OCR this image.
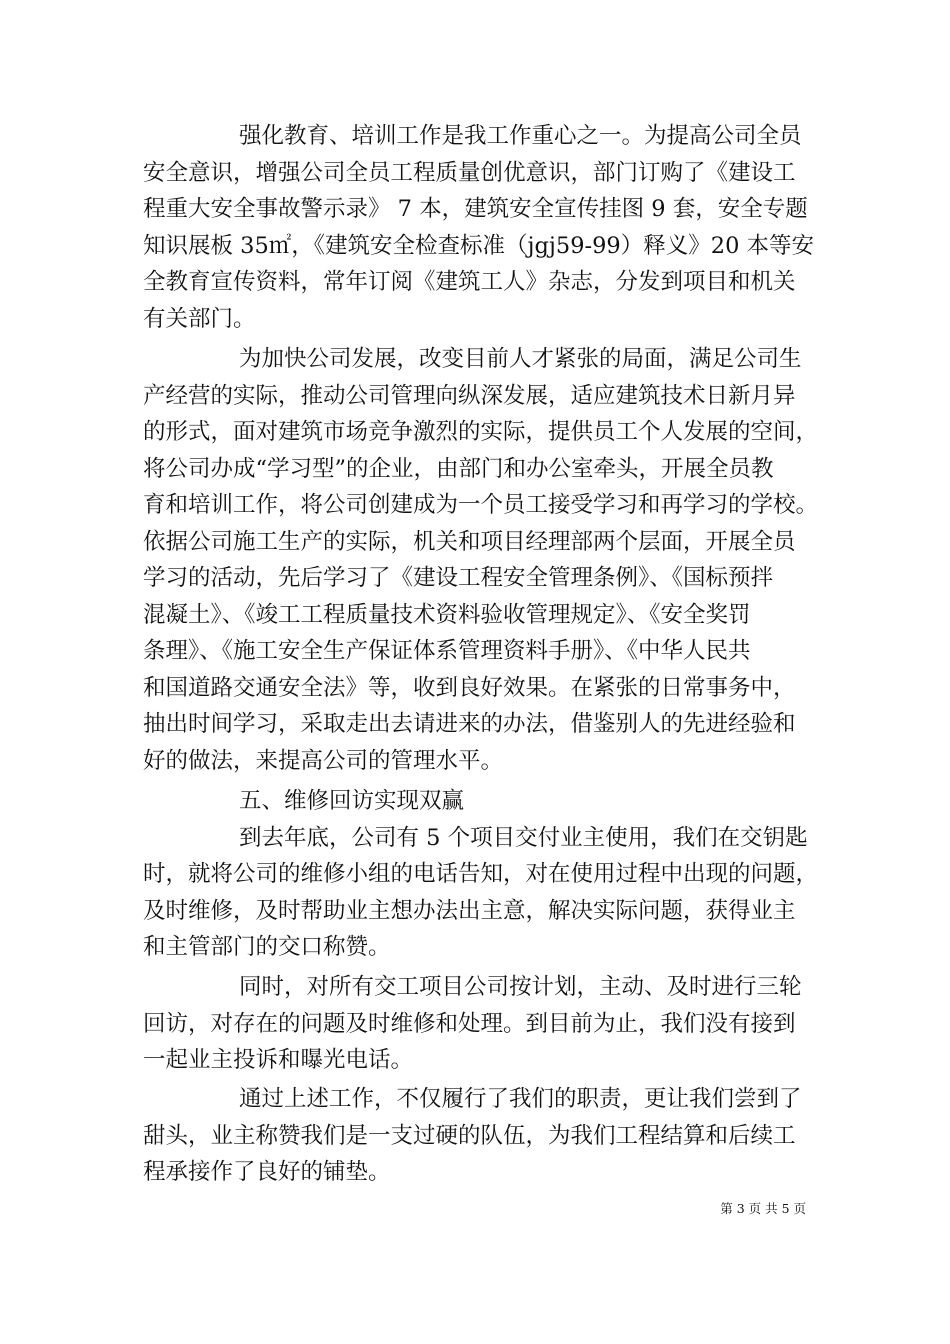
强化教育、培训工作是我工作重心之一。为提高公司全员
安全意识，增强公司全员工程质量创优意识，部门订购了《建设工
程重大安全事故警示录》 7 本，建筑安全宣传挂图 9 套，安全专题
知识展板 35㎡，《建筑安全检查标准（jgj59-99）释义》20 本等安
全教育宣传资料，常年订阅《建筑工人》杂志，分发到项目和机关
有关部门。
为加快公司发展，改变目前人才紧张的局面，满足公司生
产经营的实际，推动公司管理向纵深发展，适应建筑技术日新月异
的形式，面对建筑市场竞争激烈的实际，提供员工个人发展的空间，
将公司办成“学习型”的企业，由部门和办公室牵头，开展全员教
育和培训工作，将公司创建成为一个员工接受学习和再学习的学校。
依据公司施工生产的实际，机关和项目经理部两个层面，开展全员
学习的活动，先后学习了《建设工程安全管理条例》、《国标预拌
混凝土》、《竣工工程质量技术资料验收管理规定》、《安全奖罚
条理》、《施工安全生产保证体系管理资料手册》、《中华人民共
和国道路交通安全法》等，收到良好效果。在紧张的日常事务中，
抽出时间学习，采取走出去请进来的办法，借鉴别人的先进经验和
好的做法，来提高公司的管理水平。
五、维修回访实现双赢
到去年底，公司有 5 个项目交付业主使用，我们在交钥匙
时，就将公司的维修小组的电话告知，对在使用过程中出现的问题，
及时维修，及时帮助业主想办法出主意，解决实际问题，获得业主
和主管部门的交口称赞。
同时，对所有交工项目公司按计划，主动、及时进行三轮
回访，对存在的问题及时维修和处理。到目前为止，我们没有接到
一起业主投诉和曝光电话。
通过上述工作，不仅履行了我们的职责，更让我们尝到了
甜头，业主称赞我们是一支过硬的队伍，为我们工程结算和后续工
程承接作了良好的铺垫。
第 3 页 共 5 页
